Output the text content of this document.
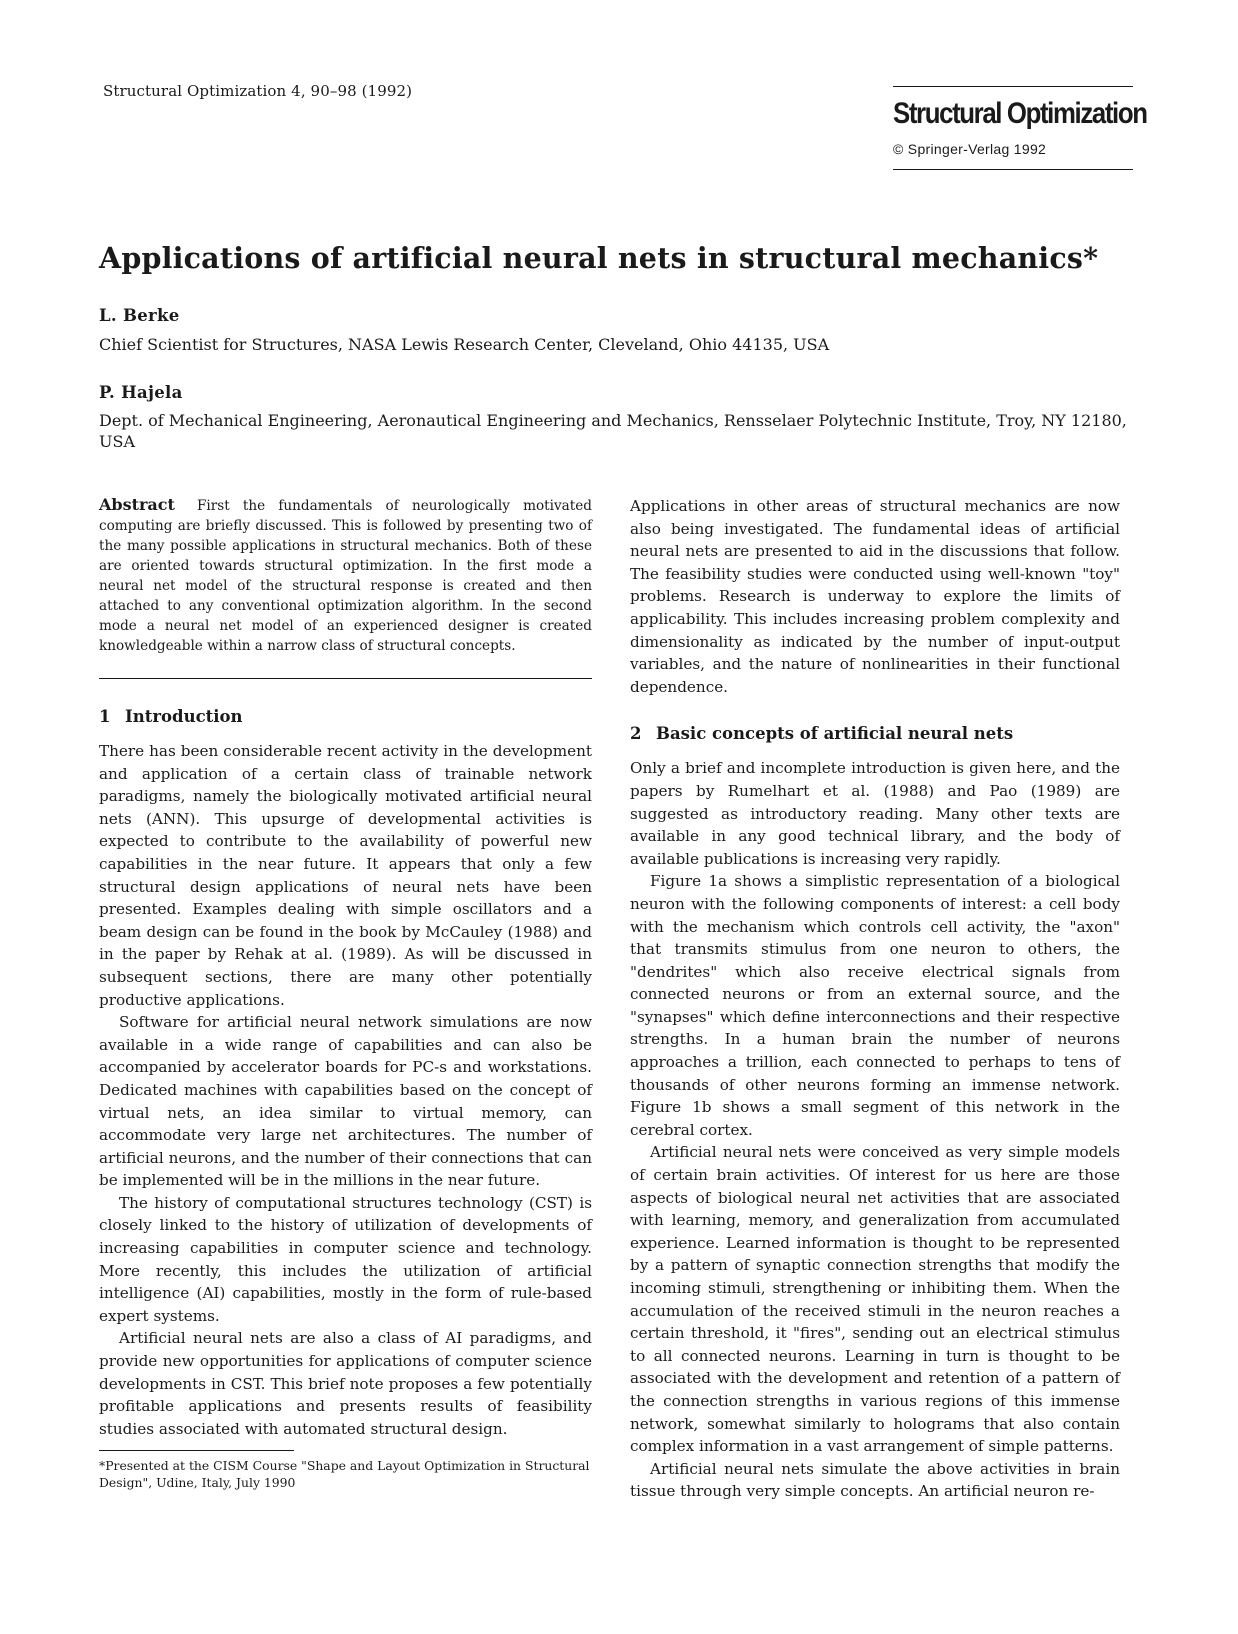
Structural Optimization 4, 90–98 (1992)
Structural Optimization
© Springer-Verlag 1992
Applications of artificial neural nets in structural mechanics*
L. Berke
Chief Scientist for Structures, NASA Lewis Research Center, Cleveland, Ohio 44135, USA
P. Hajela
Dept. of Mechanical Engineering, Aeronautical Engineering and Mechanics, Rensselaer Polytechnic Institute, Troy, NY 12180, USA

Abstract First the fundamentals of neurologically motivated computing are briefly discussed. This is followed by presenting two of the many possible applications in structural mechanics. Both of these are oriented towards structural optimization. In the first mode a neural net model of the structural response is created and then attached to any conventional optimization algorithm. In the second mode a neural net model of an experienced designer is created knowledgeable within a narrow class of structural concepts.

1 Introduction

There has been considerable recent activity in the development and application of a certain class of trainable network paradigms, namely the biologically motivated artificial neural nets (ANN). This upsurge of developmental activities is expected to contribute to the availability of powerful new capabilities in the near future. It appears that only a few structural design applications of neural nets have been presented. Examples dealing with simple oscillators and a beam design can be found in the book by McCauley (1988) and in the paper by Rehak at al. (1989). As will be discussed in subsequent sections, there are many other potentially productive applications.

Software for artificial neural network simulations are now available in a wide range of capabilities and can also be accompanied by accelerator boards for PC-s and workstations. Dedicated machines with capabilities based on the concept of virtual nets, an idea similar to virtual memory, can accommodate very large net architectures. The number of artificial neurons, and the number of their connections that can be implemented will be in the millions in the near future.

The history of computational structures technology (CST) is closely linked to the history of utilization of developments of increasing capabilities in computer science and technology. More recently, this includes the utilization of artificial intelligence (AI) capabilities, mostly in the form of rule-based expert systems.

Artificial neural nets are also a class of AI paradigms, and provide new opportunities for applications of computer science developments in CST. This brief note proposes a few potentially profitable applications and presents results of feasibility studies associated with automated structural design.

*Presented at the CISM Course "Shape and Layout Optimization in Structural Design", Udine, Italy, July 1990

Applications in other areas of structural mechanics are now also being investigated. The fundamental ideas of artificial neural nets are presented to aid in the discussions that follow. The feasibility studies were conducted using well-known "toy" problems. Research is underway to explore the limits of applicability. This includes increasing problem complexity and dimensionality as indicated by the number of input-output variables, and the nature of nonlinearities in their functional dependence.

2 Basic concepts of artificial neural nets

Only a brief and incomplete introduction is given here, and the papers by Rumelhart et al. (1988) and Pao (1989) are suggested as introductory reading. Many other texts are available in any good technical library, and the body of available publications is increasing very rapidly.

Figure 1a shows a simplistic representation of a biological neuron with the following components of interest: a cell body with the mechanism which controls cell activity, the "axon" that transmits stimulus from one neuron to others, the "dendrites" which also receive electrical signals from connected neurons or from an external source, and the "synapses" which define interconnections and their respective strengths. In a human brain the number of neurons approaches a trillion, each connected to perhaps to tens of thousands of other neurons forming an immense network. Figure 1b shows a small segment of this network in the cerebral cortex.

Artificial neural nets were conceived as very simple models of certain brain activities. Of interest for us here are those aspects of biological neural net activities that are associated with learning, memory, and generalization from accumulated experience. Learned information is thought to be represented by a pattern of synaptic connection strengths that modify the incoming stimuli, strengthening or inhibiting them. When the accumulation of the received stimuli in the neuron reaches a certain threshold, it "fires", sending out an electrical stimulus to all connected neurons. Learning in turn is thought to be associated with the development and retention of a pattern of the connection strengths in various regions of this immense network, somewhat similarly to holograms that also contain complex information in a vast arrangement of simple patterns.

Artificial neural nets simulate the above activities in brain tissue through very simple concepts. An artificial neuron re-
